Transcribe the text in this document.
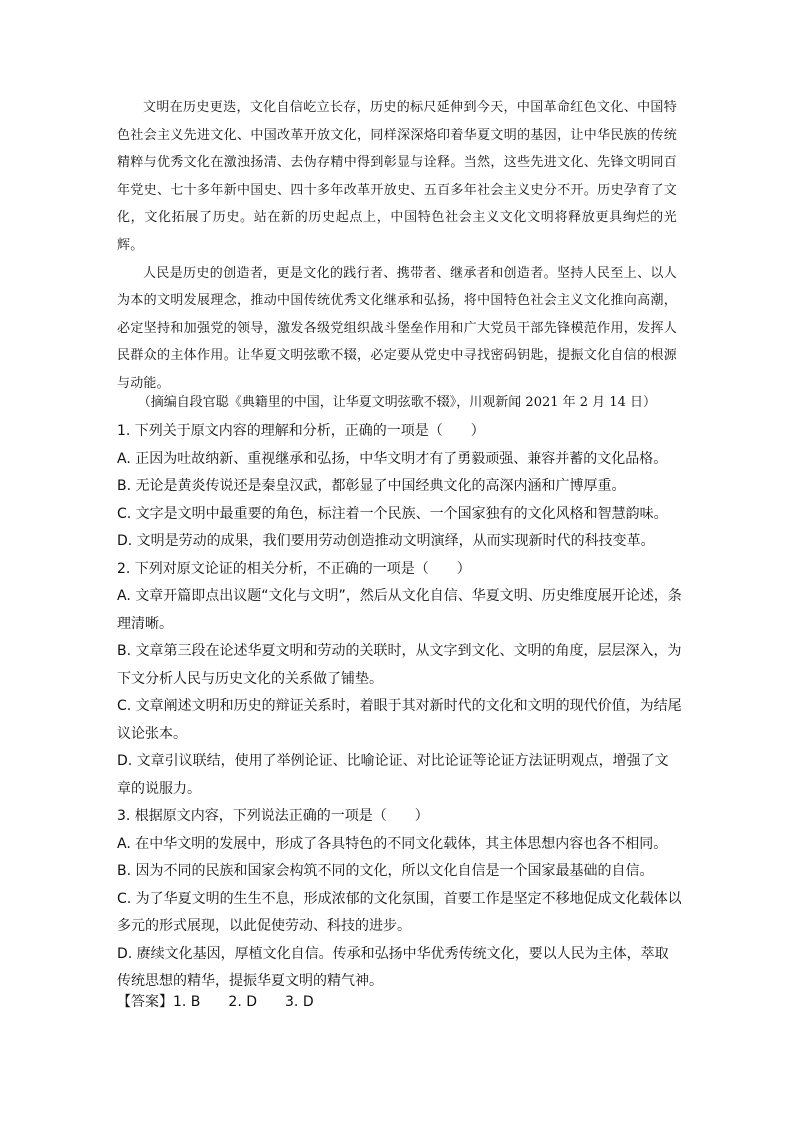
文明在历史更迭，文化自信屹立长存，历史的标尺延伸到今天，中国革命红色文化、中国特色社会主义先进文化、中国改革开放文化，同样深深烙印着华夏文明的基因，让中华民族的传统精粹与优秀文化在激浊扬清、去伪存精中得到彰显与诠释。当然，这些先进文化、先锋文明同百年党史、七十多年新中国史、四十多年改革开放史、五百多年社会主义史分不开。历史孕育了文化，文化拓展了历史。站在新的历史起点上，中国特色社会主义文化文明将释放更具绚烂的光辉。

人民是历史的创造者，更是文化的践行者、携带者、继承者和创造者。坚持人民至上、以人为本的文明发展理念，推动中国传统优秀文化继承和弘扬，将中国特色社会主义文化推向高潮，必定坚持和加强党的领导，激发各级党组织战斗堡垒作用和广大党员干部先锋模范作用，发挥人民群众的主体作用。让华夏文明弦歌不辍，必定要从党史中寻找密码钥匙，提振文化自信的根源与动能。

（摘编自段官聪《典籍里的中国，让华夏文明弦歌不辍》，川观新闻 2021 年 2 月 14 日）

1. 下列关于原文内容的理解和分析，正确的一项是（　　）

A. 正因为吐故纳新、重视继承和弘扬，中华文明才有了勇毅顽强、兼容并蓄的文化品格。

B. 无论是黄炎传说还是秦皇汉武，都彰显了中国经典文化的高深内涵和广博厚重。

C. 文字是文明中最重要的角色，标注着一个民族、一个国家独有的文化风格和智慧韵味。

D. 文明是劳动的成果，我们要用劳动创造推动文明演绎，从而实现新时代的科技变革。

2. 下列对原文论证的相关分析，不正确的一项是（　　）

A. 文章开篇即点出议题“文化与文明”，然后从文化自信、华夏文明、历史维度展开论述，条理清晰。

B. 文章第三段在论述华夏文明和劳动的关联时，从文字到文化、文明的角度，层层深入，为下文分析人民与历史文化的关系做了铺垫。

C. 文章阐述文明和历史的辩证关系时，着眼于其对新时代的文化和文明的现代价值，为结尾议论张本。

D. 文章引议联结，使用了举例论证、比喻论证、对比论证等论证方法证明观点，增强了文章的说服力。

3. 根据原文内容，下列说法正确的一项是（　　）

A. 在中华文明的发展中，形成了各具特色的不同文化载体，其主体思想内容也各不相同。

B. 因为不同的民族和国家会构筑不同的文化，所以文化自信是一个国家最基础的自信。

C. 为了华夏文明的生生不息，形成浓郁的文化氛围，首要工作是坚定不移地促成文化载体以多元的形式展现，以此促使劳动、科技的进步。

D. 赓续文化基因，厚植文化自信。传承和弘扬中华优秀传统文化，要以人民为主体，萃取传统思想的精华，提振华夏文明的精气神。

【答案】1. B 2. D 3. D
